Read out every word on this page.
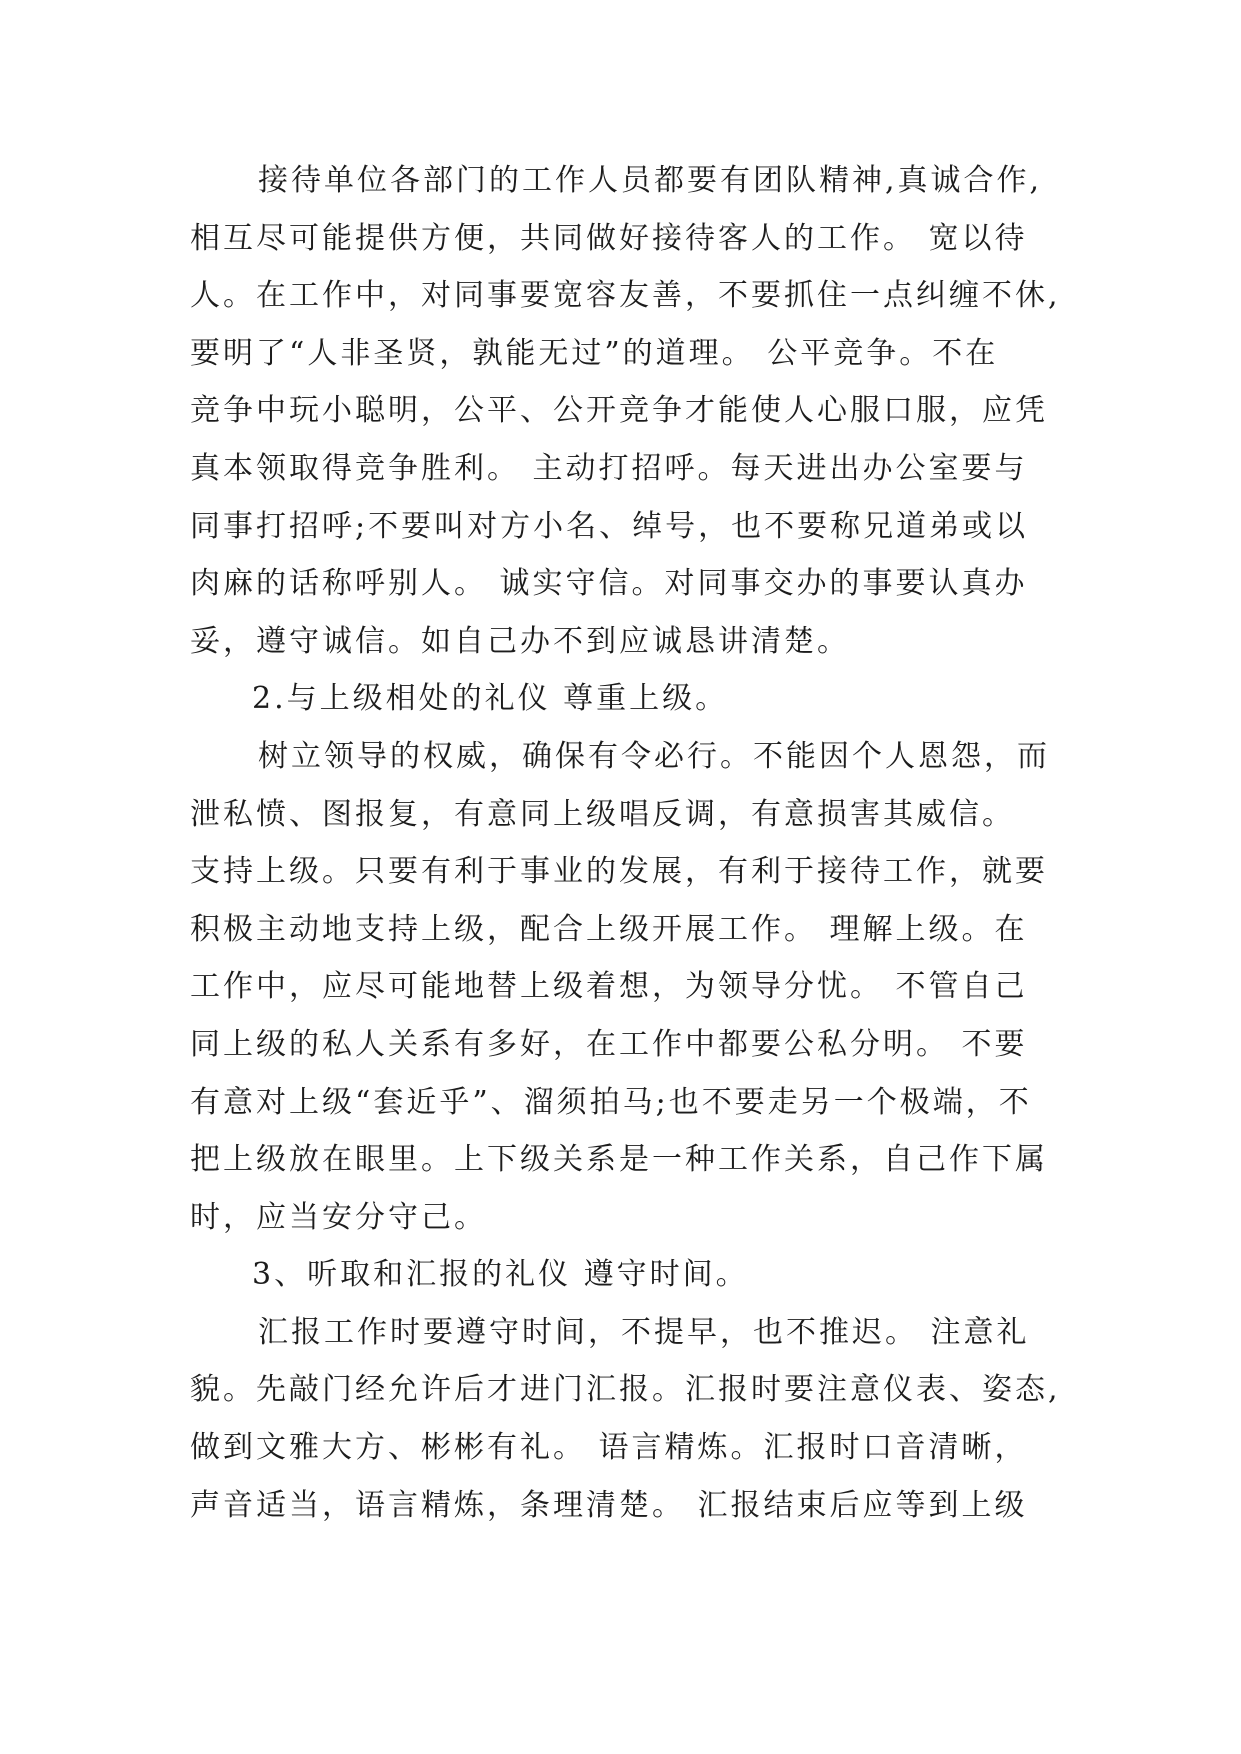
接待单位各部门的工作人员都要有团队精神,真诚合作,
相互尽可能提供方便，共同做好接待客人的工作。 宽以待
人。在工作中，对同事要宽容友善，不要抓住一点纠缠不休,
要明了“人非圣贤，孰能无过”的道理。 公平竞争。不在
竞争中玩小聪明，公平、公开竞争才能使人心服口服，应凭
真本领取得竞争胜利。 主动打招呼。每天进出办公室要与
同事打招呼;不要叫对方小名、绰号，也不要称兄道弟或以
肉麻的话称呼别人。 诚实守信。对同事交办的事要认真办
妥，遵守诚信。如自己办不到应诚恳讲清楚。
2.与上级相处的礼仪 尊重上级。
树立领导的权威，确保有令必行。不能因个人恩怨，而
泄私愤、图报复，有意同上级唱反调，有意损害其威信。
支持上级。只要有利于事业的发展，有利于接待工作，就要
积极主动地支持上级，配合上级开展工作。 理解上级。在
工作中，应尽可能地替上级着想，为领导分忧。 不管自己
同上级的私人关系有多好，在工作中都要公私分明。 不要
有意对上级“套近乎”、溜须拍马;也不要走另一个极端，不
把上级放在眼里。上下级关系是一种工作关系，自己作下属
时，应当安分守己。
3、听取和汇报的礼仪 遵守时间。
汇报工作时要遵守时间，不提早，也不推迟。 注意礼
貌。先敲门经允许后才进门汇报。汇报时要注意仪表、姿态,
做到文雅大方、彬彬有礼。 语言精炼。汇报时口音清晰，
声音适当，语言精炼，条理清楚。 汇报结束后应等到上级
